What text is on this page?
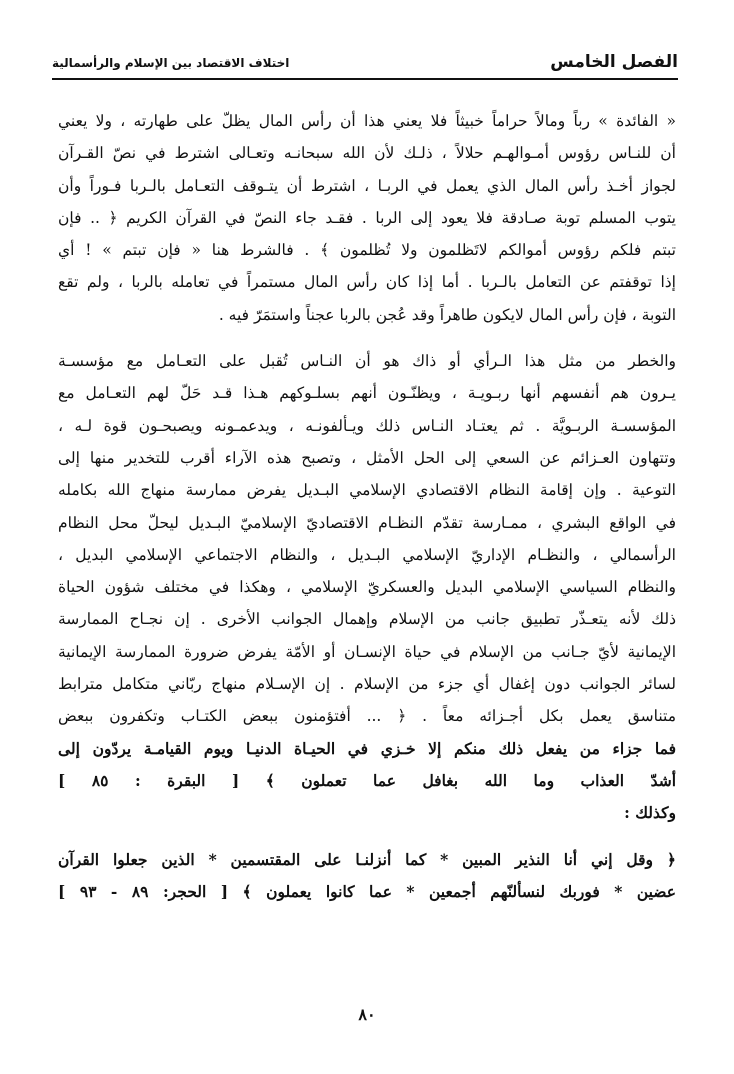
الفصل الخامس
اختلاف الاقتصاد بين الإسلام والرأسمالية
« الفائدة » رباً ومالاً حراماً خبيثاً فلا يعني هذا أن رأس المال يظلّ على طهارته ، ولا يعني
أن للنـاس رؤوس أمـوالهـم حلالاً ، ذلـك لأن الله سبحانـه وتعـالى اشترط في نصّ القـرآن
لجواز أخـذ رأس المال الذي يعمل في الربـا ، اشترط أن يتـوقف التعـامل بالـربا فـوراً وأن
يتوب المسلم توبة صـادقة فلا يعود إلى الربا . فقـد جاء النصّ في القرآن الكريم ﴿ .. فإن
تبتم فلكم رؤوس أموالكم لاتَظلمون ولا تُظلمون ﴾ . فالشرط هنا « فإن تبتم » ! أي
إذا توقفتم عن التعامل بالـربا . أما إذا كان رأس المال مستمراً في تعامله بالربا ، ولم تقع
التوبة ، فإن رأس المال لايكون طاهراً وقد عُجن بالربا عجناً واستمَرّ فيه .
والخطر من مثل هذا الـرأي أو ذاك هو أن النـاس تُقبل على التعـامل مع مؤسسـة
يـرون هم أنفسهم أنها ربـويـة ، ويظنّـون أنهم بسلـوكهم هـذا قـد حَلّ لهم التعـامل مع
المؤسسـة الربـويَّة . ثم يعتـاد النـاس ذلك ويـألفونـه ، ويدعمـونه ويصبحـون قوة لـه ،
وتتهاون العـزائم عن السعي إلى الحل الأمثل ، وتصبح هذه الآراء أقرب للتخدير منها إلى
التوعية . وإن إقامة النظام الاقتصادي الإسلامي البـديل يفرض ممارسة منهاج الله بكامله
في الواقع البشري ، ممـارسة تقدّم النظـام الاقتصاديّ الإسلاميّ البـديل ليحلّ محل النظام
الرأسمالي ، والنظـام الإداريّ الإسلامي البـديل ، والنظام الاجتماعي الإسلامي البديل ،
والنظام السياسي الإسلامي البديل والعسكريّ الإسلامي ، وهكذا في مختلف شؤون الحياة
ذلك لأنه يتعـذّر تطبيق جانب من الإسلام وإهمال الجوانب الأخرى . إن نجـاح الممارسة
الإيمانية لأيّ جـانب من الإسلام في حياة الإنسـان أو الأمّة يفرض ضرورة الممارسة الإيمانية
لسائر الجوانب دون إغفال أي جزء من الإسلام . إن الإسـلام منهاج ربّاني متكامل مترابط
متناسق يعمل بكل أجـزائه معاً . ﴿ ... أفتؤمنون ببعض الكتـاب وتكفرون ببعض
فما جزاء من يفعل ذلك منكم إلا خـزي في الحيـاة الدنيـا ويوم القيامـة يردّون إلى
أشدّ العذاب وما الله بغافل عما تعملون ﴾ [ البقرة : ٨٥ ]
وكذلك :
﴿ وقل إني أنا النذير المبين * كما أنزلنـا على المقتسمين * الذين جعلوا القرآن
عضين * فوربك لنسألنّهم أجمعين * عما كانوا يعملون ﴾ [ الحجر: ٨٩ - ٩٣ ]
٨٠
